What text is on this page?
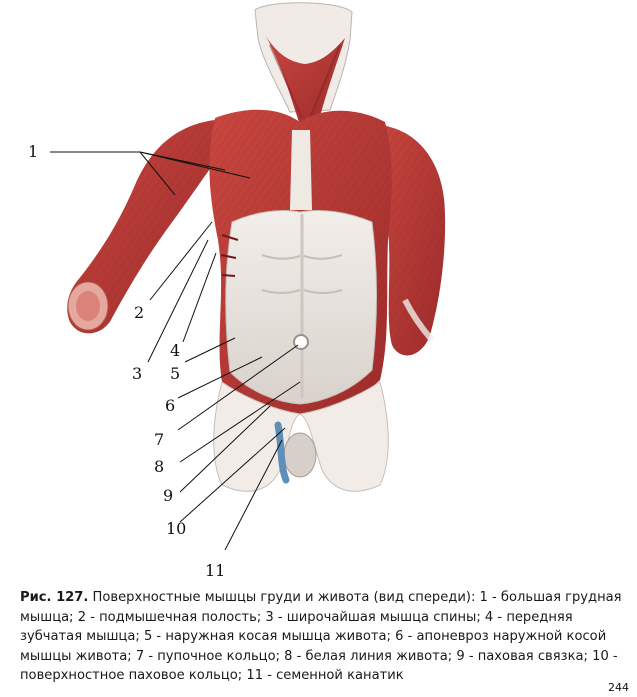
1
2
3
4
5
6
7
8
9
10
11
Рис. 127. Поверхностные мышцы груди и живота (вид спереди): 1 - большая грудная мышца; 2 - подмышечная полость; 3 - широчайшая мышца спины; 4 - передняя зубчатая мышца; 5 - наружная косая мышца живота; 6 - апоневроз наружной косой мышцы живота; 7 - пупочное кольцо; 8 - белая линия живота; 9 - паховая связка; 10 - поверхностное паховое кольцо; 11 - семенной канатик
244
